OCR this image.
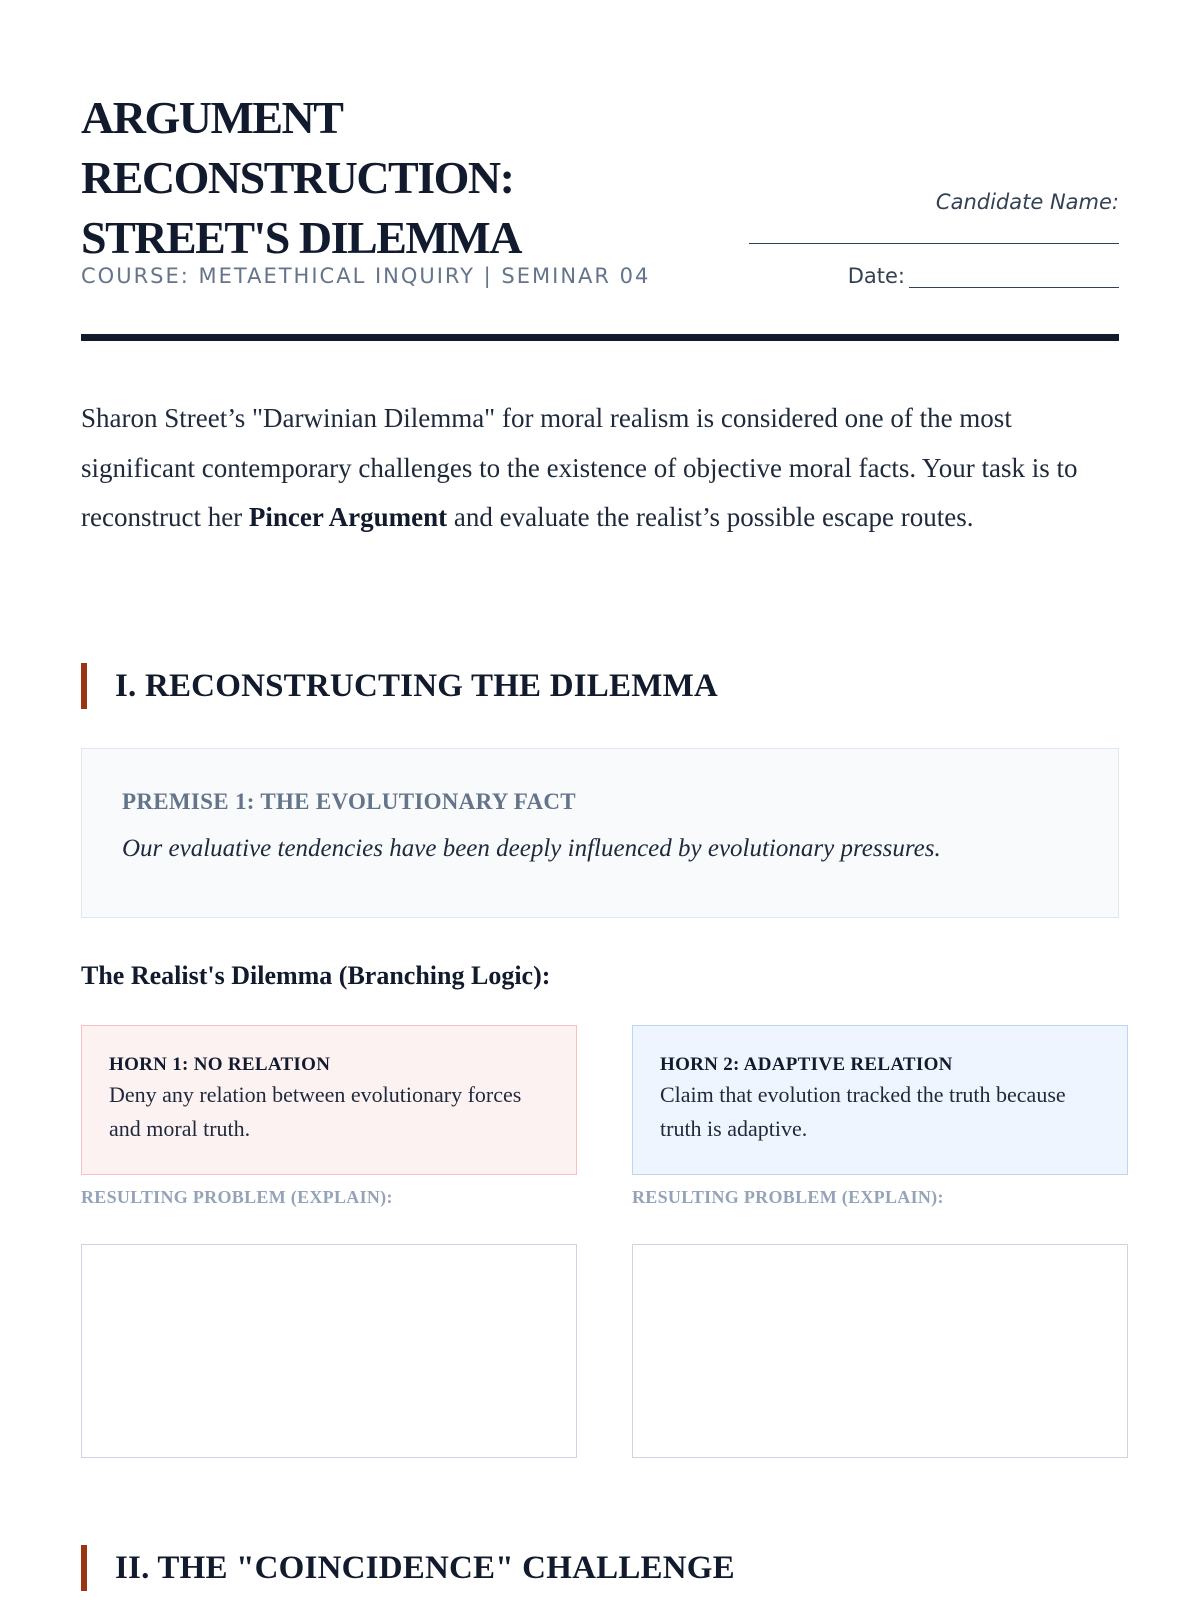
ARGUMENT
RECONSTRUCTION:
STREET'S DILEMMA
COURSE: METAETHICAL INQUIRY | SEMINAR 04
Candidate Name:
Date:

Sharon Street’s "Darwinian Dilemma" for moral realism is considered one of the most significant contemporary challenges to the existence of objective moral facts. Your task is to reconstruct her Pincer Argument and evaluate the realist’s possible escape routes.

I. RECONSTRUCTING THE DILEMMA
PREMISE 1: THE EVOLUTIONARY FACT
Our evaluative tendencies have been deeply influenced by evolutionary pressures.
The Realist's Dilemma (Branching Logic):
HORN 1: NO RELATION
Deny any relation between evolutionary forces and moral truth.
HORN 2: ADAPTIVE RELATION
Claim that evolution tracked the truth because truth is adaptive.
RESULTING PROBLEM (EXPLAIN):	RESULTING PROBLEM (EXPLAIN):
II. THE "COINCIDENCE" CHALLENGE
